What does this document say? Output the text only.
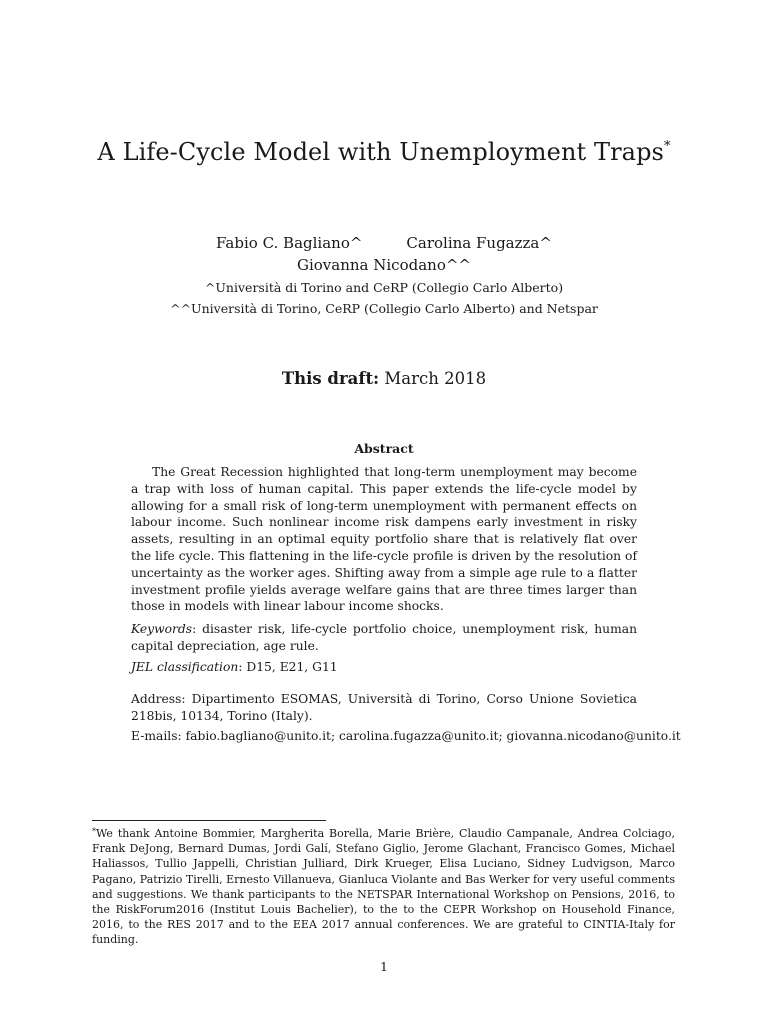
A Life-Cycle Model with Unemployment Traps*
Fabio C. Bagliano^	Carolina Fugazza^
Giovanna Nicodano^^
^Università di Torino and CeRP (Collegio Carlo Alberto)
^^Università di Torino, CeRP (Collegio Carlo Alberto) and Netspar
This draft: March 2018
Abstract
The Great Recession highlighted that long-term unemployment may become a trap with loss of human capital. This paper extends the life-cycle model by allowing for a small risk of long-term unemployment with permanent effects on labour income. Such nonlinear income risk dampens early investment in risky assets, resulting in an optimal equity portfolio share that is relatively flat over the life cycle. This flattening in the life-cycle profile is driven by the resolution of uncertainty as the worker ages. Shifting away from a simple age rule to a flatter investment profile yields average welfare gains that are three times larger than those in models with linear labour income shocks.
Keywords: disaster risk, life-cycle portfolio choice, unemployment risk, human capital depreciation, age rule.
JEL classification: D15, E21, G11
Address: Dipartimento ESOMAS, Università di Torino, Corso Unione Sovietica 218bis, 10134, Torino (Italy).
E-mails: fabio.bagliano@unito.it; carolina.fugazza@unito.it; giovanna.nicodano@unito.it
*We thank Antoine Bommier, Margherita Borella, Marie Brière, Claudio Campanale, Andrea Colciago, Frank DeJong, Bernard Dumas, Jordi Galí, Stefano Giglio, Jerome Glachant, Francisco Gomes, Michael Haliassos, Tullio Jappelli, Christian Julliard, Dirk Krueger, Elisa Luciano, Sidney Ludvigson, Marco Pagano, Patrizio Tirelli, Ernesto Villanueva, Gianluca Violante and Bas Werker for very useful comments and suggestions. We thank participants to the NETSPAR International Workshop on Pensions, 2016, to the RiskForum2016 (Institut Louis Bachelier), to the to the CEPR Workshop on Household Finance, 2016, to the RES 2017 and to the EEA 2017 annual conferences. We are grateful to CINTIA-Italy for funding.
1
